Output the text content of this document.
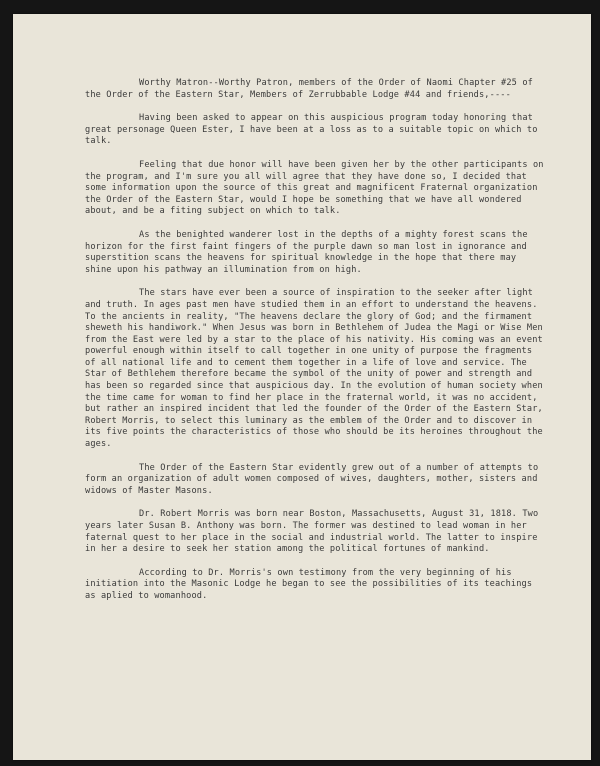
Worthy Matron--Worthy Patron, members of the Order of Naomi Chapter #25 of the Order of the Eastern Star, Members of Zerrubbable Lodge #44 and friends,----

Having been asked to appear on this auspicious program today honoring that great personage Queen Ester, I have been at a loss as to a suitable topic on which to talk.

Feeling that due honor will have been given her by the other participants on the program, and I'm sure you all will agree that they have done so, I decided that some information upon the source of this great and magnificent Fraternal organization the Order of the Eastern Star, would I hope be something that we have all wondered about, and be a fiting subject on which to talk.

As the benighted wanderer lost in the depths of a mighty forest scans the horizon for the first faint fingers of the purple dawn so man lost in ignorance and superstition scans the heavens for spiritual knowledge in the hope that there may shine upon his pathway an illumination from on high.

The stars have ever been a source of inspiration to the seeker after light and truth. In ages past men have studied them in an effort to understand the heavens. To the ancients in reality, "The heavens declare the glory of God; and the firmament sheweth his handiwork." When Jesus was born in Bethlehem of Judea the Magi or Wise Men from the East were led by a star to the place of his nativity. His coming was an event powerful enough within itself to call together in one unity of purpose the fragments of all national life and to cement them together in a life of love and service. The Star of Bethlehem therefore became the symbol of the unity of power and strength and has been so regarded since that auspicious day. In the evolution of human society when the time came for woman to find her place in the fraternal world, it was no accident, but rather an inspired incident that led the founder of the Order of the Eastern Star, Robert Morris, to select this luminary as the emblem of the Order and to discover in its five points the characteristics of those who should be its heroines throughout the ages.

The Order of the Eastern Star evidently grew out of a number of attempts to form an organization of adult women composed of wives, daughters, mother, sisters and widows of Master Masons.

Dr. Robert Morris was born near Boston, Massachusetts, August 31, 1818. Two years later Susan B. Anthony was born. The former was destined to lead woman in her faternal quest to her place in the social and industrial world. The latter to inspire in her a desire to seek her station among the political fortunes of mankind.

According to Dr. Morris's own testimony from the very beginning of his initiation into the Masonic Lodge he began to see the possibilities of its teachings as aplied to womanhood.
